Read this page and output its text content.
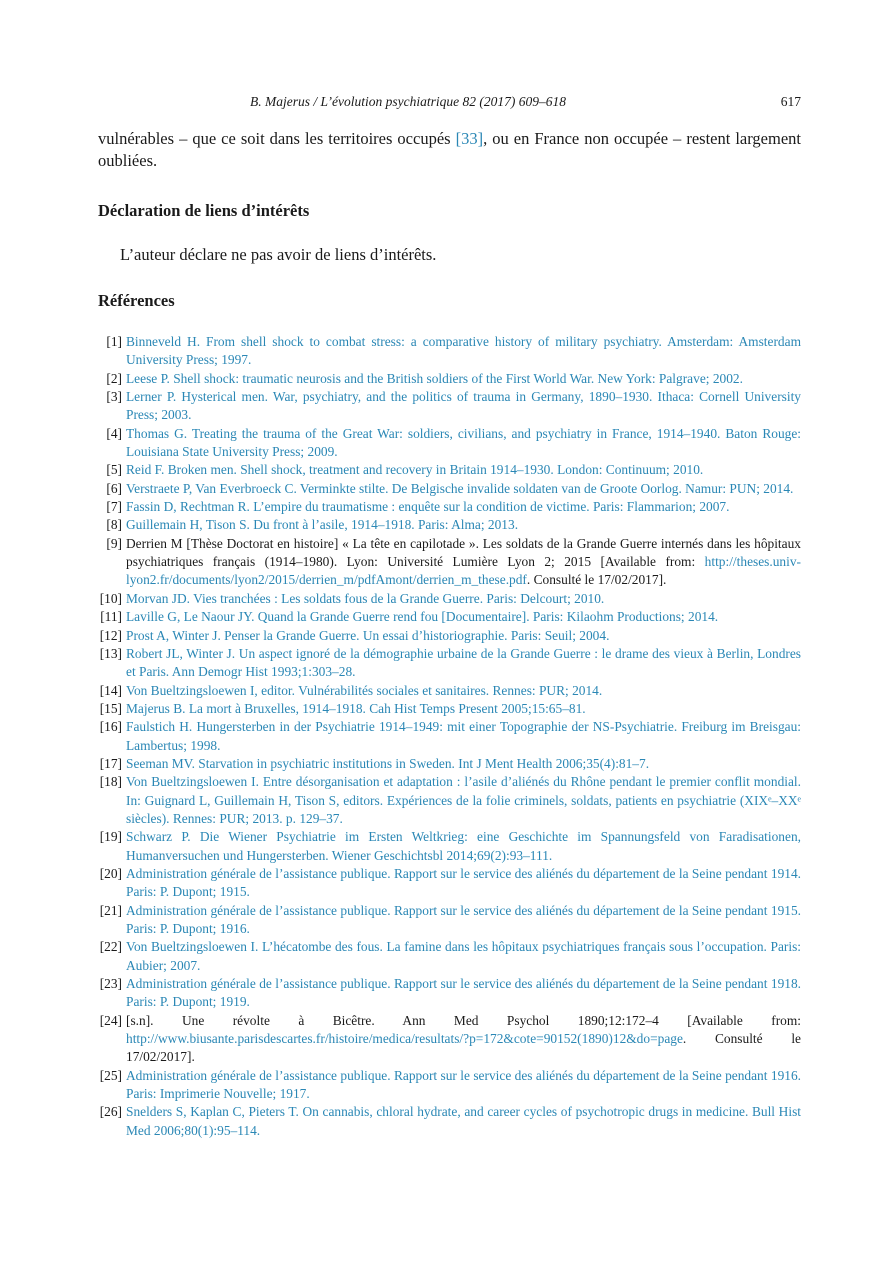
B. Majerus / L’évolution psychiatrique 82 (2017) 609–618	617
vulnérables – que ce soit dans les territoires occupés [33], ou en France non occupée – restent largement oubliées.
Déclaration de liens d’intérêts
L’auteur déclare ne pas avoir de liens d’intérêts.
Références
[1] Binneveld H. From shell shock to combat stress: a comparative history of military psychiatry. Amsterdam: Amsterdam University Press; 1997.
[2] Leese P. Shell shock: traumatic neurosis and the British soldiers of the First World War. New York: Palgrave; 2002.
[3] Lerner P. Hysterical men. War, psychiatry, and the politics of trauma in Germany, 1890–1930. Ithaca: Cornell University Press; 2003.
[4] Thomas G. Treating the trauma of the Great War: soldiers, civilians, and psychiatry in France, 1914–1940. Baton Rouge: Louisiana State University Press; 2009.
[5] Reid F. Broken men. Shell shock, treatment and recovery in Britain 1914–1930. London: Continuum; 2010.
[6] Verstraete P, Van Everbroeck C. Verminkte stilte. De Belgische invalide soldaten van de Groote Oorlog. Namur: PUN; 2014.
[7] Fassin D, Rechtman R. L’empire du traumatisme : enquête sur la condition de victime. Paris: Flammarion; 2007.
[8] Guillemain H, Tison S. Du front à l’asile, 1914–1918. Paris: Alma; 2013.
[9] Derrien M [Thèse Doctorat en histoire] « La tête en capilotade ». Les soldats de la Grande Guerre internés dans les hôpitaux psychiatriques français (1914–1980). Lyon: Université Lumière Lyon 2; 2015 [Available from: http://theses.univ-lyon2.fr/documents/lyon2/2015/derrien_m/pdfAmont/derrien_m_these.pdf. Consulté le 17/02/2017].
[10] Morvan JD. Vies tranchées : Les soldats fous de la Grande Guerre. Paris: Delcourt; 2010.
[11] Laville G, Le Naour JY. Quand la Grande Guerre rend fou [Documentaire]. Paris: Kilaohm Productions; 2014.
[12] Prost A, Winter J. Penser la Grande Guerre. Un essai d’historiographie. Paris: Seuil; 2004.
[13] Robert JL, Winter J. Un aspect ignoré de la démographie urbaine de la Grande Guerre : le drame des vieux à Berlin, Londres et Paris. Ann Demogr Hist 1993;1:303–28.
[14] Von Bueltzingsloewen I, editor. Vulnérabilités sociales et sanitaires. Rennes: PUR; 2014.
[15] Majerus B. La mort à Bruxelles, 1914–1918. Cah Hist Temps Present 2005;15:65–81.
[16] Faulstich H. Hungersterben in der Psychiatrie 1914–1949: mit einer Topographie der NS-Psychiatrie. Freiburg im Breisgau: Lambertus; 1998.
[17] Seeman MV. Starvation in psychiatric institutions in Sweden. Int J Ment Health 2006;35(4):81–7.
[18] Von Bueltzingsloewen I. Entre désorganisation et adaptation : l’asile d’aliénés du Rhône pendant le premier conflit mondial. In: Guignard L, Guillemain H, Tison S, editors. Expériences de la folie criminels, soldats, patients en psychiatrie (XIXᵉ–XXᵉ siècles). Rennes: PUR; 2013. p. 129–37.
[19] Schwarz P. Die Wiener Psychiatrie im Ersten Weltkrieg: eine Geschichte im Spannungsfeld von Faradisationen, Humanversuchen und Hungersterben. Wiener Geschichtsbl 2014;69(2):93–111.
[20] Administration générale de l’assistance publique. Rapport sur le service des aliénés du département de la Seine pendant 1914. Paris: P. Dupont; 1915.
[21] Administration générale de l’assistance publique. Rapport sur le service des aliénés du département de la Seine pendant 1915. Paris: P. Dupont; 1916.
[22] Von Bueltzingsloewen I. L’hécatombe des fous. La famine dans les hôpitaux psychiatriques français sous l’occupation. Paris: Aubier; 2007.
[23] Administration générale de l’assistance publique. Rapport sur le service des aliénés du département de la Seine pendant 1918. Paris: P. Dupont; 1919.
[24] [s.n]. Une révolte à Bicêtre. Ann Med Psychol 1890;12:172–4 [Available from: http://www.biusante.parisdescartes.fr/histoire/medica/resultats/?p=172&cote=90152(1890)12&do=page. Consulté le 17/02/2017].
[25] Administration générale de l’assistance publique. Rapport sur le service des aliénés du département de la Seine pendant 1916. Paris: Imprimerie Nouvelle; 1917.
[26] Snelders S, Kaplan C, Pieters T. On cannabis, chloral hydrate, and career cycles of psychotropic drugs in medicine. Bull Hist Med 2006;80(1):95–114.
